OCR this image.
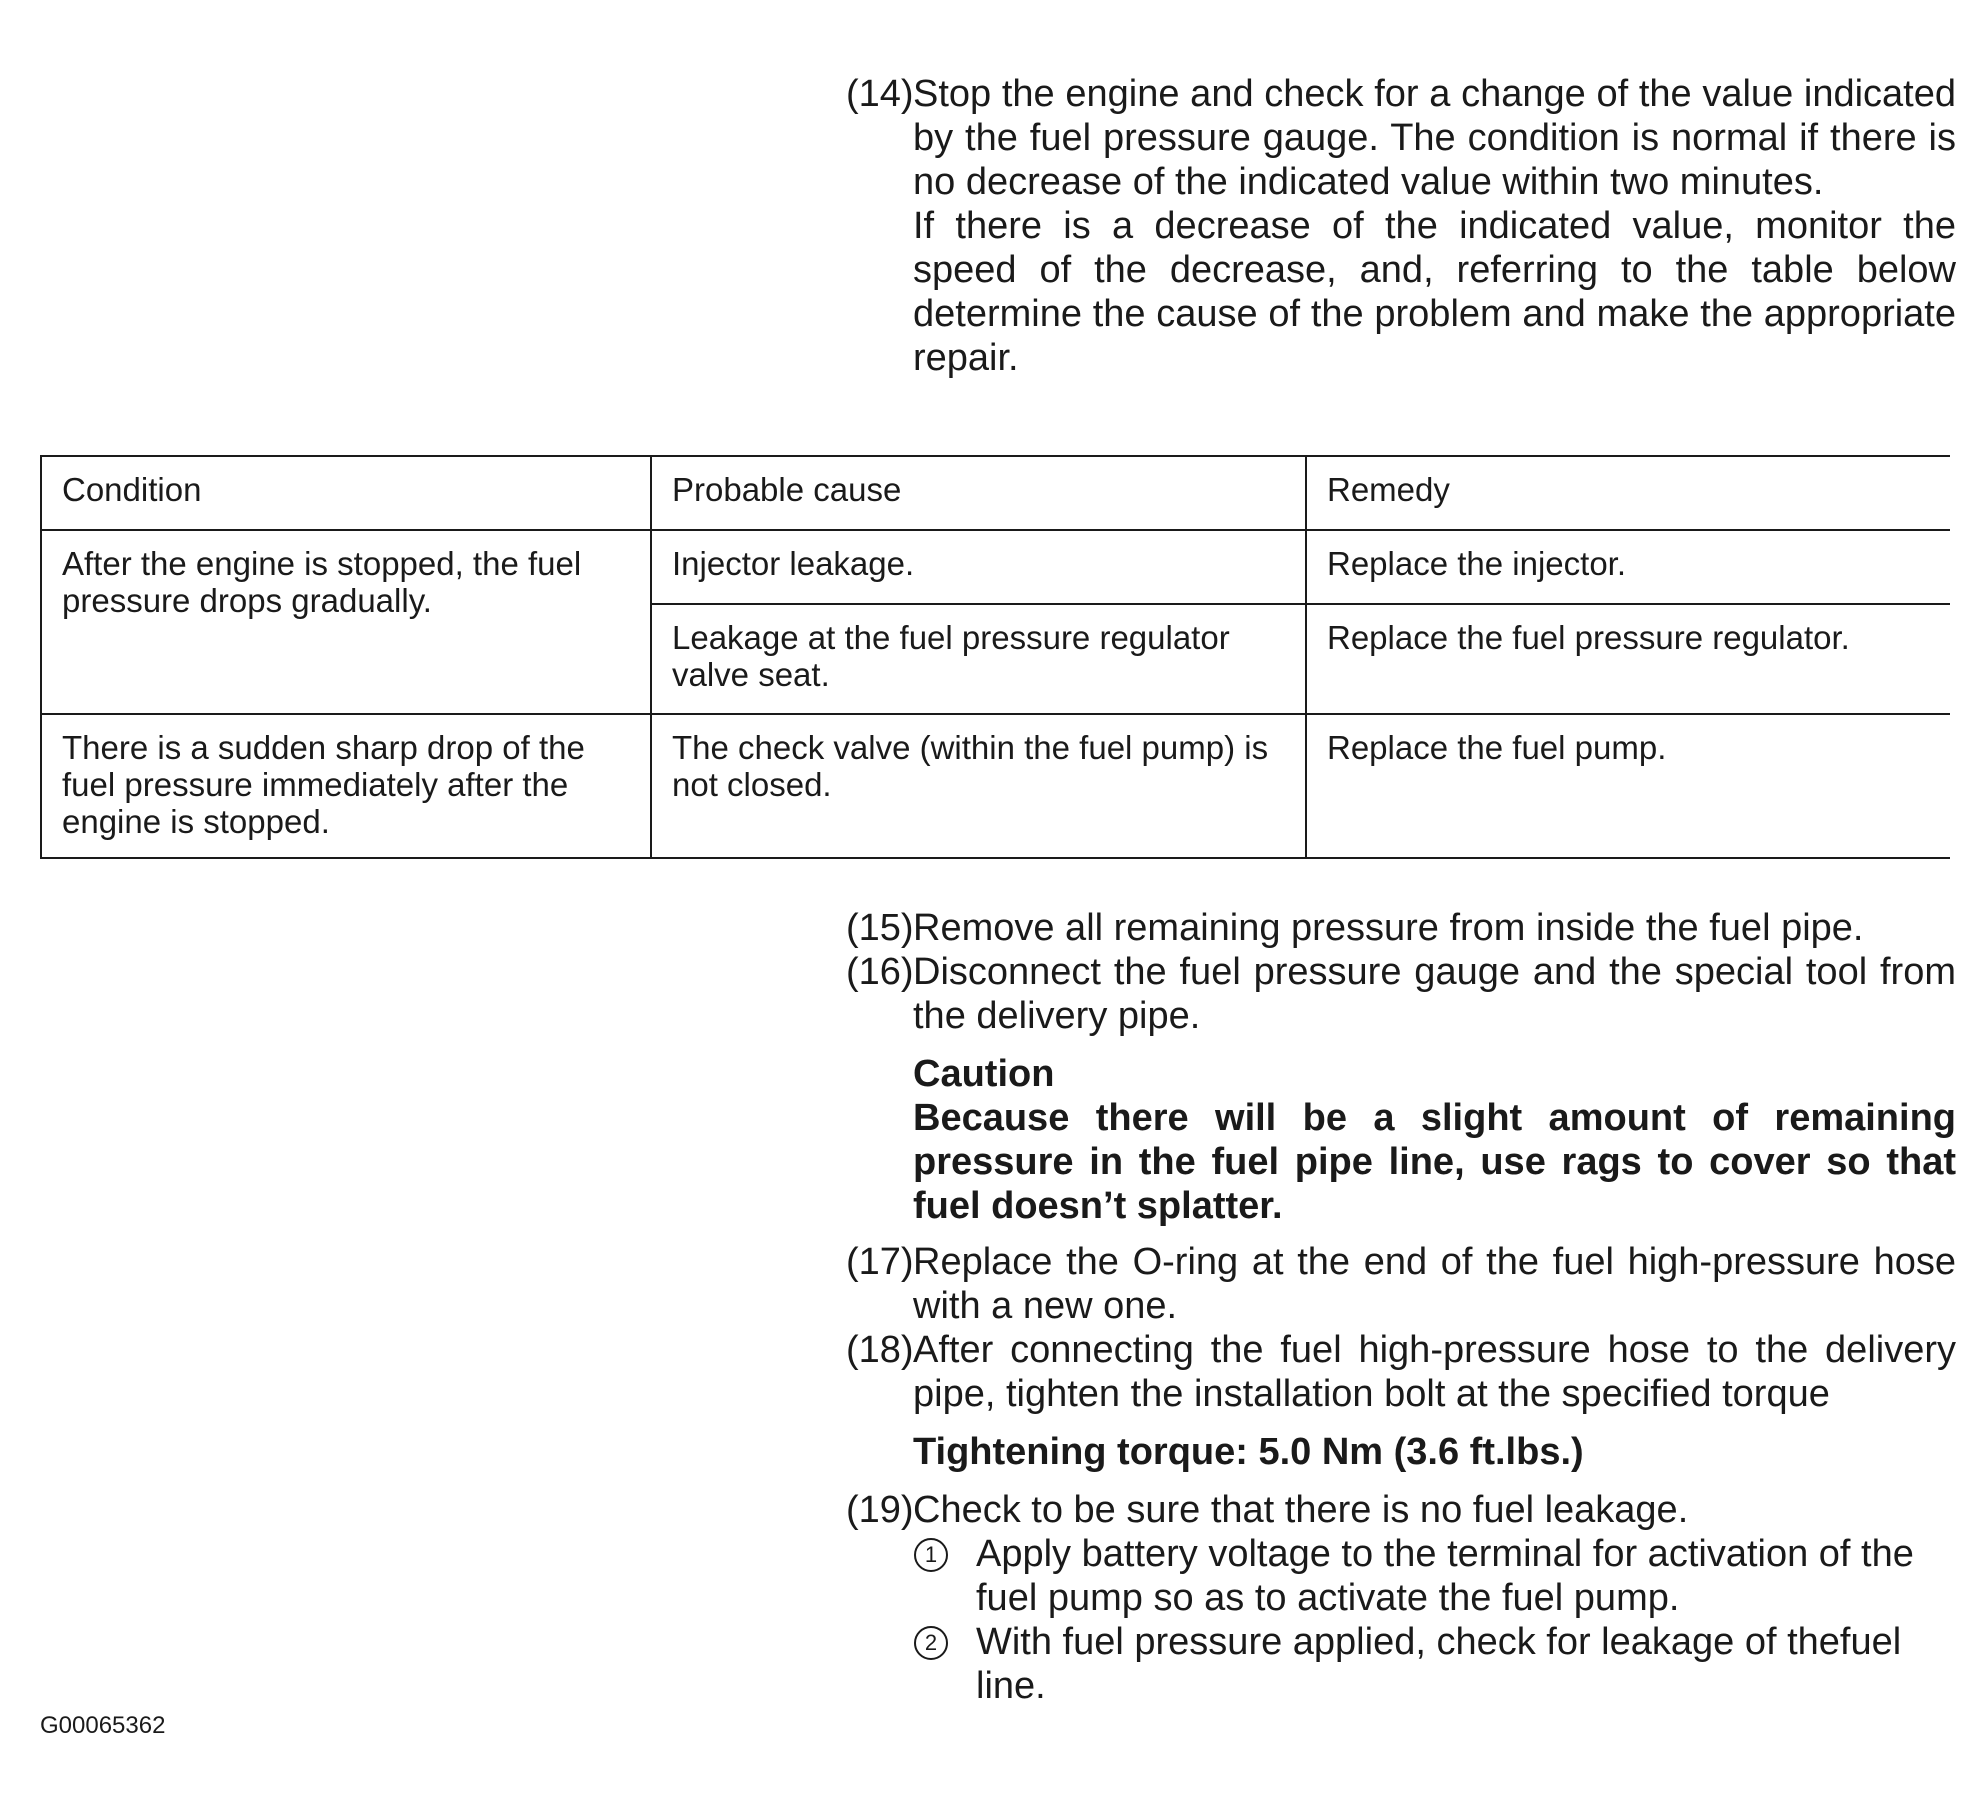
(14) Stop the engine and check for a change of the value indicated by the fuel pressure gauge. The condition is normal if there is no decrease of the indicated value within two minutes.

If there is a decrease of the indicated value, monitor the speed of the decrease, and, referring to the table below determine the cause of the problem and make the appropriate repair.

Condition	Probable cause	Remedy
After the engine is stopped, the fuel pressure drops gradually.	Injector leakage.	Replace the injector.
	Leakage at the fuel pressure regulator valve seat.	Replace the fuel pressure regulator.
There is a sudden sharp drop of the fuel pressure immediately after the engine is stopped.	The check valve (within the fuel pump) is not closed.	Replace the fuel pump.
(15) Remove all remaining pressure from inside the fuel pipe.

(16) Disconnect the fuel pressure gauge and the special tool from the delivery pipe.

Caution
Because there will be a slight amount of remaining pressure in the fuel pipe line, use rags to cover so that fuel doesn’t splatter.
(17) Replace the O-ring at the end of the fuel high-pressure hose with a new one.

(18) After connecting the fuel high-pressure hose to the delivery pipe, tighten the installation bolt at the specified torque

Tightening torque: 5.0 Nm (3.6 ft.lbs.)
(19) Check to be sure that there is no fuel leakage.

1 Apply battery voltage to the terminal for activation of the fuel pump so as to activate the fuel pump.
2 With fuel pressure applied, check for leakage of thefuel line.
G00065362
